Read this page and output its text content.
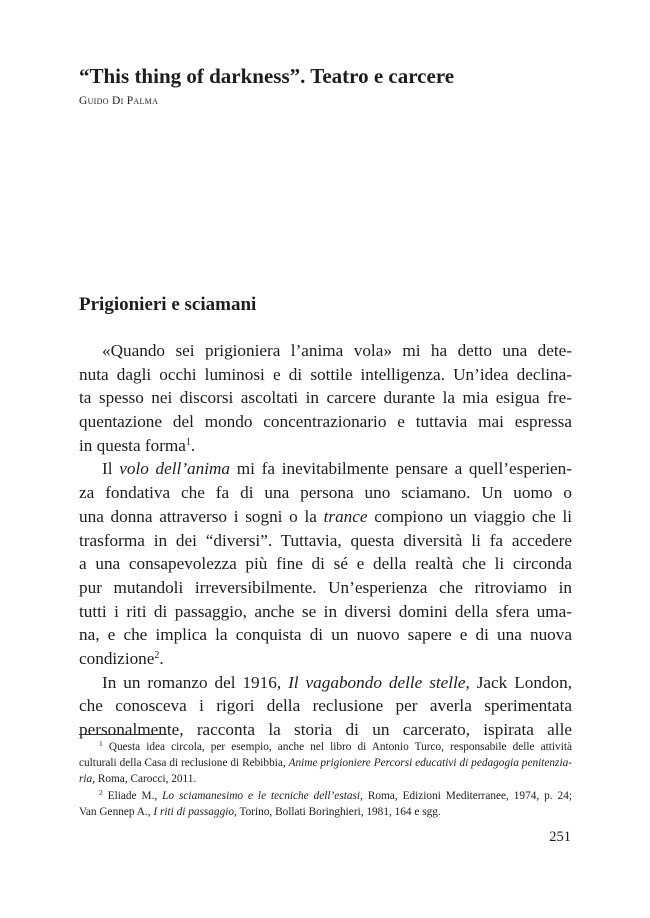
“This thing of darkness”. Teatro e carcere
Guido Di Palma
Prigionieri e sciamani
«Quando sei prigioniera l’anima vola» mi ha detto una dete-
nuta dagli occhi luminosi e di sottile intelligenza. Un’idea declina-
ta spesso nei discorsi ascoltati in carcere durante la mia esigua fre-
quentazione del mondo concentrazionario e tuttavia mai espressa
in questa forma$^1$.
Il volo dell’anima mi fa inevitabilmente pensare a quell’esperien-
za fondativa che fa di una persona uno sciamano. Un uomo o
una donna attraverso i sogni o la trance compiono un viaggio che li
trasforma in dei “diversi”. Tuttavia, questa diversità li fa accedere
a una consapevolezza più fine di sé e della realtà che li circonda
pur mutandoli irreversibilmente. Un’esperienza che ritroviamo in
tutti i riti di passaggio, anche se in diversi domini della sfera uma-
na, e che implica la conquista di un nuovo sapere e di una nuova
condizione$^2$.
In un romanzo del 1916, Il vagabondo delle stelle, Jack London,
che conosceva i rigori della reclusione per averla sperimentata
personalmente, racconta la storia di un carcerato, ispirata alle
$^1$ Questa idea circola, per esempio, anche nel libro di Antonio Turco, responsabile delle attività
culturali della Casa di reclusione di Rebibbia, Anime prigioniere Percorsi educativi di pedagogia penitenzia-
ria, Roma, Carocci, 2011.
$^2$ Eliade M., Lo sciamanesimo e le tecniche dell’estasi, Roma, Edizioni Mediterranee, 1974, p. 24;
Van Gennep A., I riti di passaggio, Torino, Bollati Boringhieri, 1981, 164 e sgg.
251
